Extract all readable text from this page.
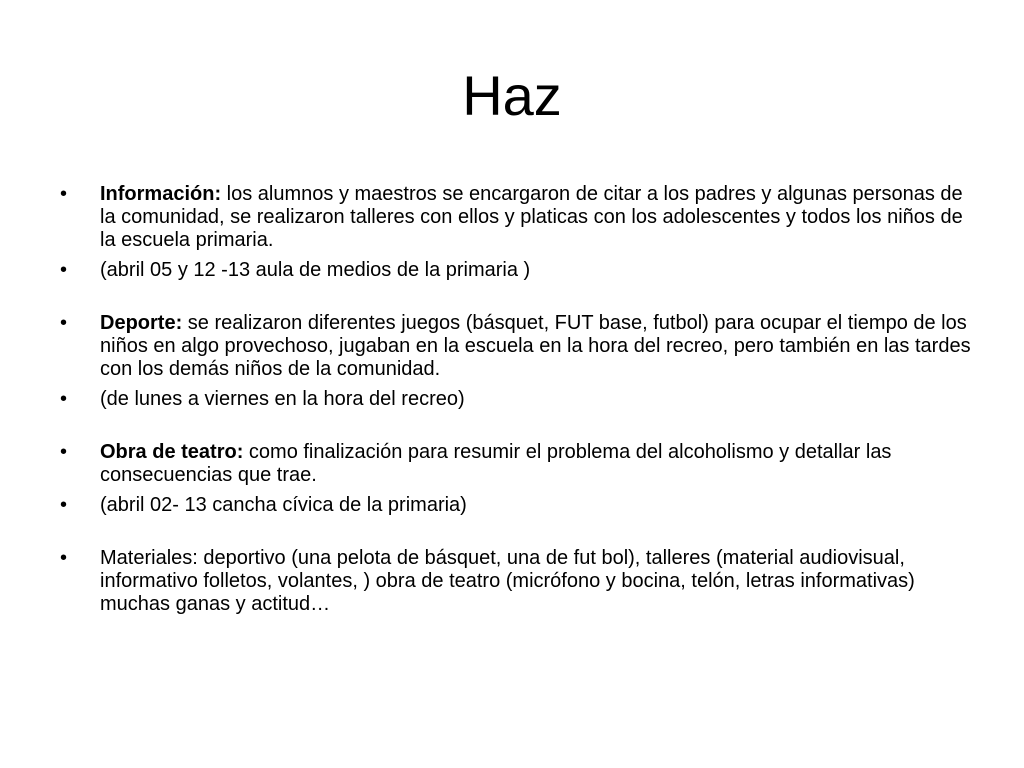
Haz
•	Información: los alumnos y maestros se encargaron de citar a los padres y algunas personas de la comunidad, se realizaron talleres con ellos y platicas con los adolescentes y todos los niños de la escuela primaria.
•	(abril 05 y 12 -13 aula de medios de la primaria )
•	Deporte: se realizaron diferentes juegos (básquet, FUT base, futbol) para ocupar el tiempo de los niños en algo provechoso, jugaban en la escuela en la hora del recreo, pero también en las tardes con los demás niños de la comunidad.
•	(de lunes a viernes en la hora del recreo)
•	Obra de teatro: como finalización para resumir el problema del alcoholismo y detallar las consecuencias que trae.
•	(abril 02- 13 cancha cívica de la primaria)
•	Materiales: deportivo (una pelota de básquet, una de fut bol), talleres (material audiovisual, informativo folletos, volantes, ) obra de teatro (micrófono y bocina, telón, letras informativas) muchas ganas y actitud…
